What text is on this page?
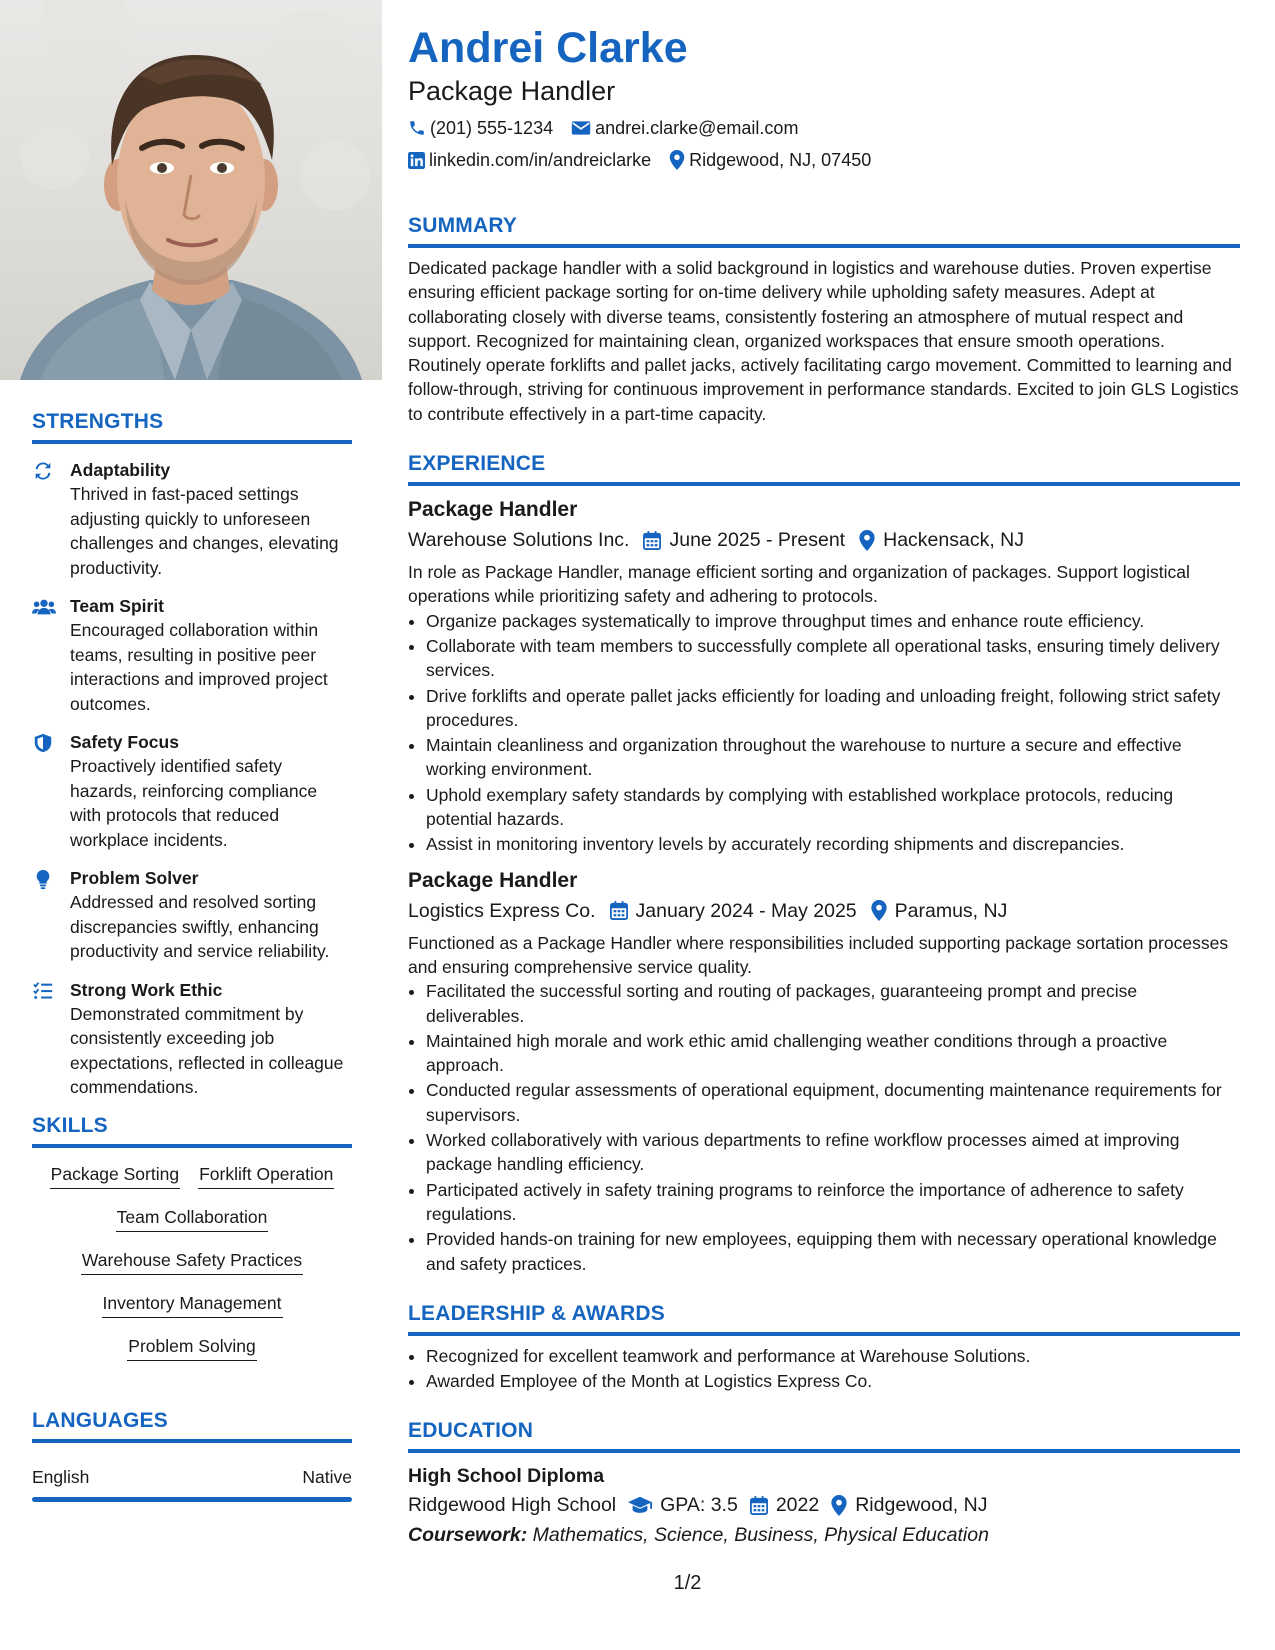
STRENGTHS
Adaptability
Thrived in fast-paced settings adjusting quickly to unforeseen challenges and changes, elevating productivity.
Team Spirit
Encouraged collaboration within teams, resulting in positive peer interactions and improved project outcomes.
Safety Focus
Proactively identified safety hazards, reinforcing compliance with protocols that reduced workplace incidents.
Problem Solver
Addressed and resolved sorting discrepancies swiftly, enhancing productivity and service reliability.
Strong Work Ethic
Demonstrated commitment by consistently exceeding job expectations, reflected in colleague commendations.
SKILLS
Package Sorting Forklift Operation
Team Collaboration
Warehouse Safety Practices
Inventory Management
Problem Solving
LANGUAGES
English	Native
Andrei Clarke
Package Handler
(201) 555-1234 andrei.clarke@email.com
linkedin.com/in/andreiclarke Ridgewood, NJ, 07450
SUMMARY
Dedicated package handler with a solid background in logistics and warehouse duties. Proven expertise ensuring efficient package sorting for on-time delivery while upholding safety measures. Adept at collaborating closely with diverse teams, consistently fostering an atmosphere of mutual respect and support. Recognized for maintaining clean, organized workspaces that ensure smooth operations. Routinely operate forklifts and pallet jacks, actively facilitating cargo movement. Committed to learning and follow-through, striving for continuous improvement in performance standards. Excited to join GLS Logistics to contribute effectively in a part-time capacity.
EXPERIENCE
Package Handler
Warehouse Solutions Inc. June 2025 - Present Hackensack, NJ
In role as Package Handler, manage efficient sorting and organization of packages. Support logistical operations while prioritizing safety and adhering to protocols.
• Organize packages systematically to improve throughput times and enhance route efficiency.
• Collaborate with team members to successfully complete all operational tasks, ensuring timely delivery services.
• Drive forklifts and operate pallet jacks efficiently for loading and unloading freight, following strict safety procedures.
• Maintain cleanliness and organization throughout the warehouse to nurture a secure and effective working environment.
• Uphold exemplary safety standards by complying with established workplace protocols, reducing potential hazards.
• Assist in monitoring inventory levels by accurately recording shipments and discrepancies.
Package Handler
Logistics Express Co. January 2024 - May 2025 Paramus, NJ
Functioned as a Package Handler where responsibilities included supporting package sortation processes and ensuring comprehensive service quality.
• Facilitated the successful sorting and routing of packages, guaranteeing prompt and precise deliverables.
• Maintained high morale and work ethic amid challenging weather conditions through a proactive approach.
• Conducted regular assessments of operational equipment, documenting maintenance requirements for supervisors.
• Worked collaboratively with various departments to refine workflow processes aimed at improving package handling efficiency.
• Participated actively in safety training programs to reinforce the importance of adherence to safety regulations.
• Provided hands-on training for new employees, equipping them with necessary operational knowledge and safety practices.
LEADERSHIP & AWARDS
• Recognized for excellent teamwork and performance at Warehouse Solutions.
• Awarded Employee of the Month at Logistics Express Co.
EDUCATION
High School Diploma
Ridgewood High School GPA: 3.5 2022 Ridgewood, NJ
Coursework: Mathematics, Science, Business, Physical Education
1/2
